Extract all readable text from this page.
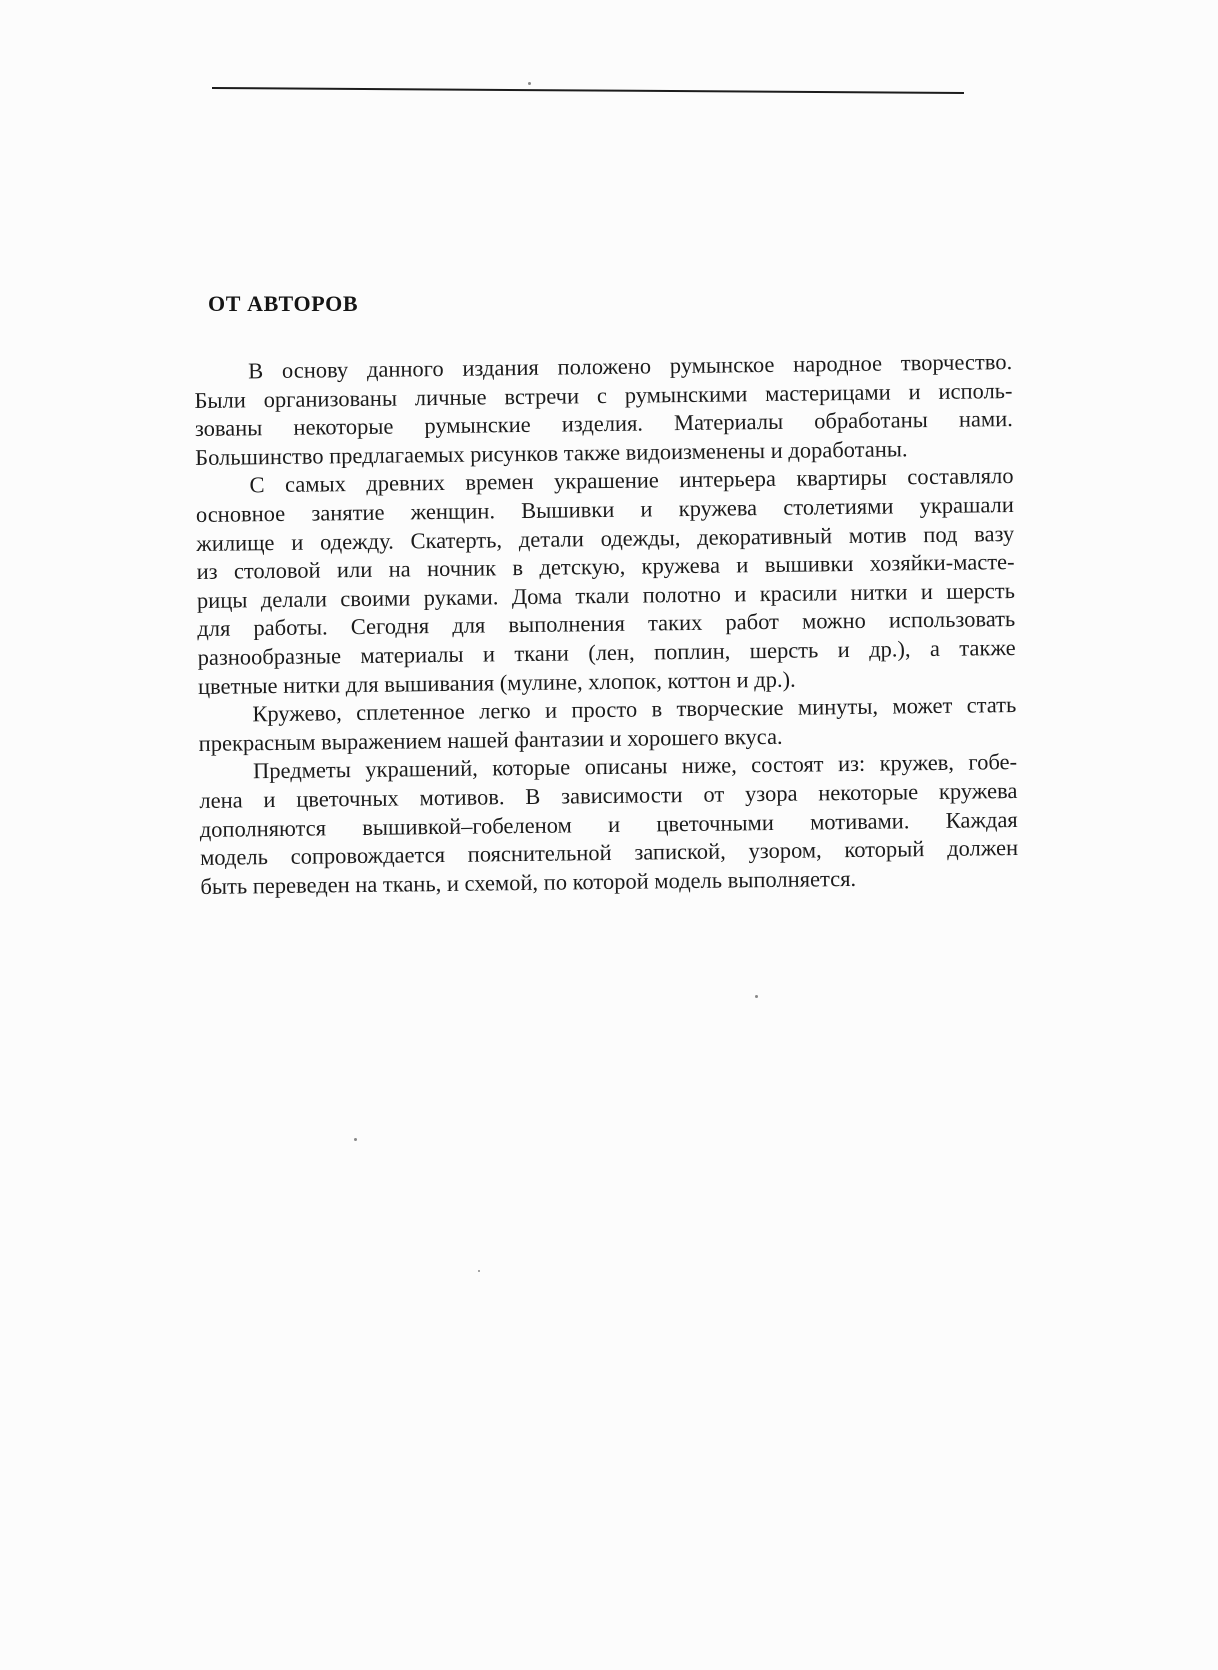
ОТ АВТОРОВ
В основу данного издания положено румынское народное творчество.
Были организованы личные встречи с румынскими мастерицами и исполь-
зованы некоторые румынские изделия. Материалы обработаны нами.
Большинство предлагаемых рисунков также видоизменены и доработаны.
С самых древних времен украшение интерьера квартиры составляло
основное занятие женщин. Вышивки и кружева столетиями украшали
жилище и одежду. Скатерть, детали одежды, декоративный мотив под вазу
из столовой или на ночник в детскую, кружева и вышивки хозяйки-масте-
рицы делали своими руками. Дома ткали полотно и красили нитки и шерсть
для работы. Сегодня для выполнения таких работ можно использовать
разнообразные материалы и ткани (лен, поплин, шерсть и др.), а также
цветные нитки для вышивания (мулине, хлопок, коттон и др.).
Кружево, сплетенное легко и просто в творческие минуты, может стать
прекрасным выражением нашей фантазии и хорошего вкуса.
Предметы украшений, которые описаны ниже, состоят из: кружев, гобе-
лена и цветочных мотивов. В зависимости от узора некоторые кружева
дополняются вышивкой–гобеленом и цветочными мотивами. Каждая
модель сопровождается пояснительной запиской, узором, который должен
быть переведен на ткань, и схемой, по которой модель выполняется.
